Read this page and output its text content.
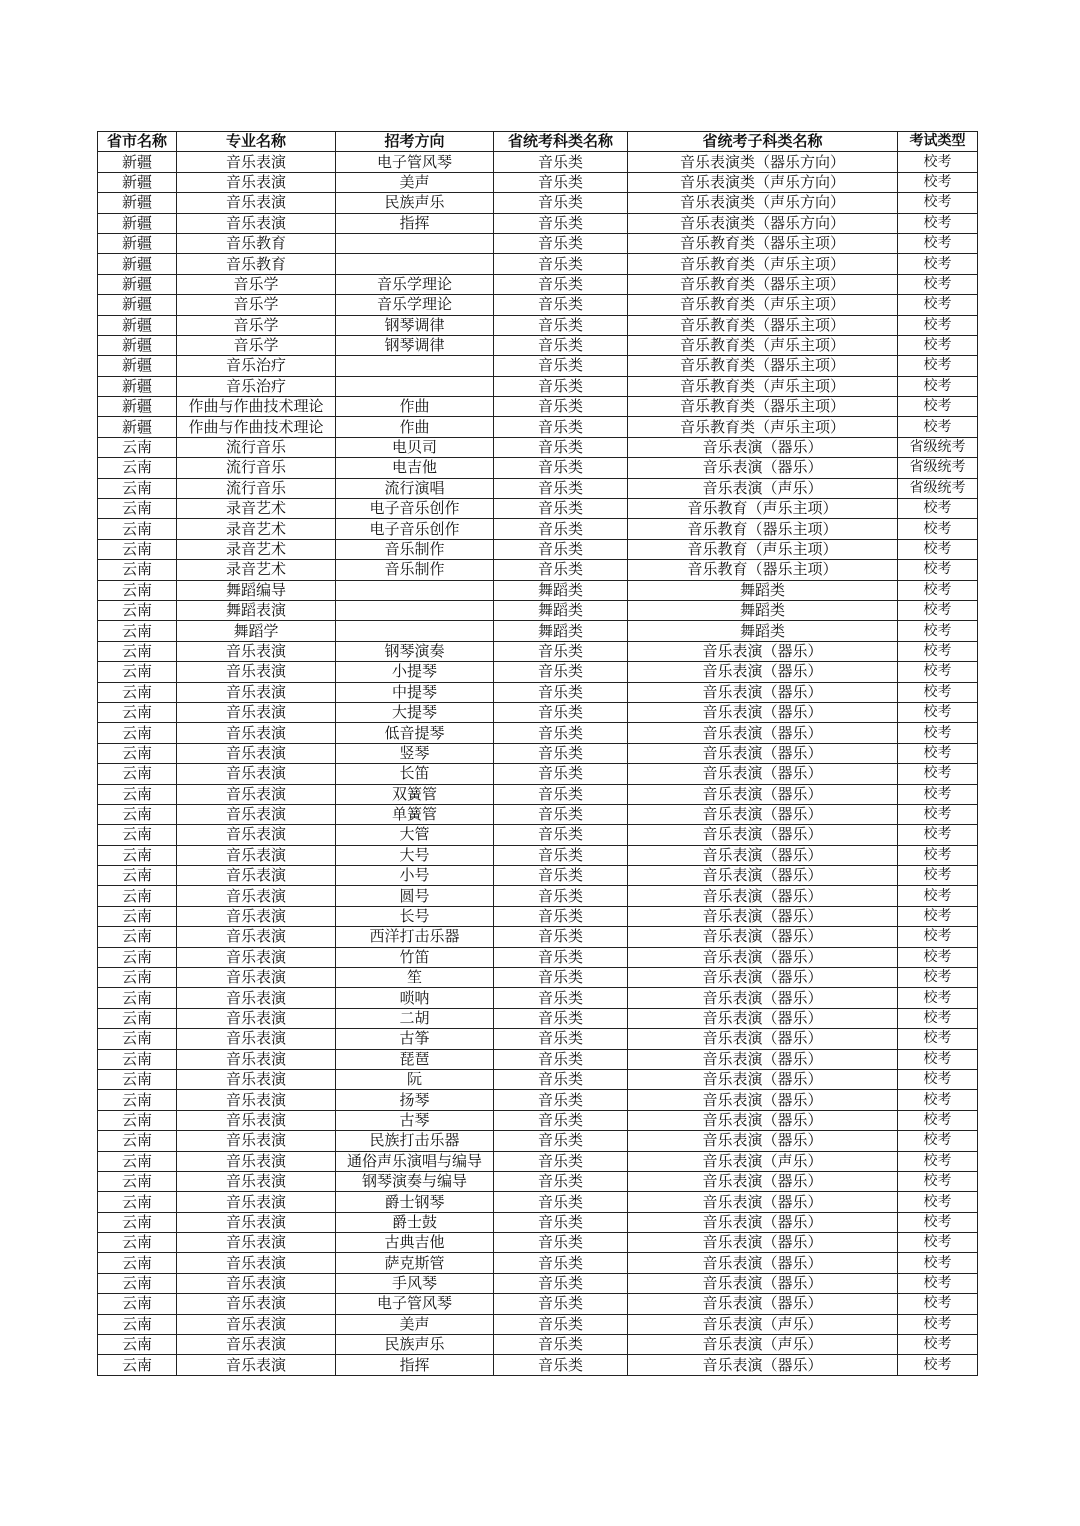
省市名称	专业名称	招考方向	省统考科类名称	省统考子科类名称	考试类型
新疆	音乐表演	电子管风琴	音乐类	音乐表演类（器乐方向）	校考
新疆	音乐表演	美声	音乐类	音乐表演类（声乐方向）	校考
新疆	音乐表演	民族声乐	音乐类	音乐表演类（声乐方向）	校考
新疆	音乐表演	指挥	音乐类	音乐表演类（器乐方向）	校考
新疆	音乐教育		音乐类	音乐教育类（器乐主项）	校考
新疆	音乐教育		音乐类	音乐教育类（声乐主项）	校考
新疆	音乐学	音乐学理论	音乐类	音乐教育类（器乐主项）	校考
新疆	音乐学	音乐学理论	音乐类	音乐教育类（声乐主项）	校考
新疆	音乐学	钢琴调律	音乐类	音乐教育类（器乐主项）	校考
新疆	音乐学	钢琴调律	音乐类	音乐教育类（声乐主项）	校考
新疆	音乐治疗		音乐类	音乐教育类（器乐主项）	校考
新疆	音乐治疗		音乐类	音乐教育类（声乐主项）	校考
新疆	作曲与作曲技术理论	作曲	音乐类	音乐教育类（器乐主项）	校考
新疆	作曲与作曲技术理论	作曲	音乐类	音乐教育类（声乐主项）	校考
云南	流行音乐	电贝司	音乐类	音乐表演（器乐）	省级统考
云南	流行音乐	电吉他	音乐类	音乐表演（器乐）	省级统考
云南	流行音乐	流行演唱	音乐类	音乐表演（声乐）	省级统考
云南	录音艺术	电子音乐创作	音乐类	音乐教育（声乐主项）	校考
云南	录音艺术	电子音乐创作	音乐类	音乐教育（器乐主项）	校考
云南	录音艺术	音乐制作	音乐类	音乐教育（声乐主项）	校考
云南	录音艺术	音乐制作	音乐类	音乐教育（器乐主项）	校考
云南	舞蹈编导		舞蹈类	舞蹈类	校考
云南	舞蹈表演		舞蹈类	舞蹈类	校考
云南	舞蹈学		舞蹈类	舞蹈类	校考
云南	音乐表演	钢琴演奏	音乐类	音乐表演（器乐）	校考
云南	音乐表演	小提琴	音乐类	音乐表演（器乐）	校考
云南	音乐表演	中提琴	音乐类	音乐表演（器乐）	校考
云南	音乐表演	大提琴	音乐类	音乐表演（器乐）	校考
云南	音乐表演	低音提琴	音乐类	音乐表演（器乐）	校考
云南	音乐表演	竖琴	音乐类	音乐表演（器乐）	校考
云南	音乐表演	长笛	音乐类	音乐表演（器乐）	校考
云南	音乐表演	双簧管	音乐类	音乐表演（器乐）	校考
云南	音乐表演	单簧管	音乐类	音乐表演（器乐）	校考
云南	音乐表演	大管	音乐类	音乐表演（器乐）	校考
云南	音乐表演	大号	音乐类	音乐表演（器乐）	校考
云南	音乐表演	小号	音乐类	音乐表演（器乐）	校考
云南	音乐表演	圆号	音乐类	音乐表演（器乐）	校考
云南	音乐表演	长号	音乐类	音乐表演（器乐）	校考
云南	音乐表演	西洋打击乐器	音乐类	音乐表演（器乐）	校考
云南	音乐表演	竹笛	音乐类	音乐表演（器乐）	校考
云南	音乐表演	笙	音乐类	音乐表演（器乐）	校考
云南	音乐表演	唢呐	音乐类	音乐表演（器乐）	校考
云南	音乐表演	二胡	音乐类	音乐表演（器乐）	校考
云南	音乐表演	古筝	音乐类	音乐表演（器乐）	校考
云南	音乐表演	琵琶	音乐类	音乐表演（器乐）	校考
云南	音乐表演	阮	音乐类	音乐表演（器乐）	校考
云南	音乐表演	扬琴	音乐类	音乐表演（器乐）	校考
云南	音乐表演	古琴	音乐类	音乐表演（器乐）	校考
云南	音乐表演	民族打击乐器	音乐类	音乐表演（器乐）	校考
云南	音乐表演	通俗声乐演唱与编导	音乐类	音乐表演（声乐）	校考
云南	音乐表演	钢琴演奏与编导	音乐类	音乐表演（器乐）	校考
云南	音乐表演	爵士钢琴	音乐类	音乐表演（器乐）	校考
云南	音乐表演	爵士鼓	音乐类	音乐表演（器乐）	校考
云南	音乐表演	古典吉他	音乐类	音乐表演（器乐）	校考
云南	音乐表演	萨克斯管	音乐类	音乐表演（器乐）	校考
云南	音乐表演	手风琴	音乐类	音乐表演（器乐）	校考
云南	音乐表演	电子管风琴	音乐类	音乐表演（器乐）	校考
云南	音乐表演	美声	音乐类	音乐表演（声乐）	校考
云南	音乐表演	民族声乐	音乐类	音乐表演（声乐）	校考
云南	音乐表演	指挥	音乐类	音乐表演（器乐）	校考
